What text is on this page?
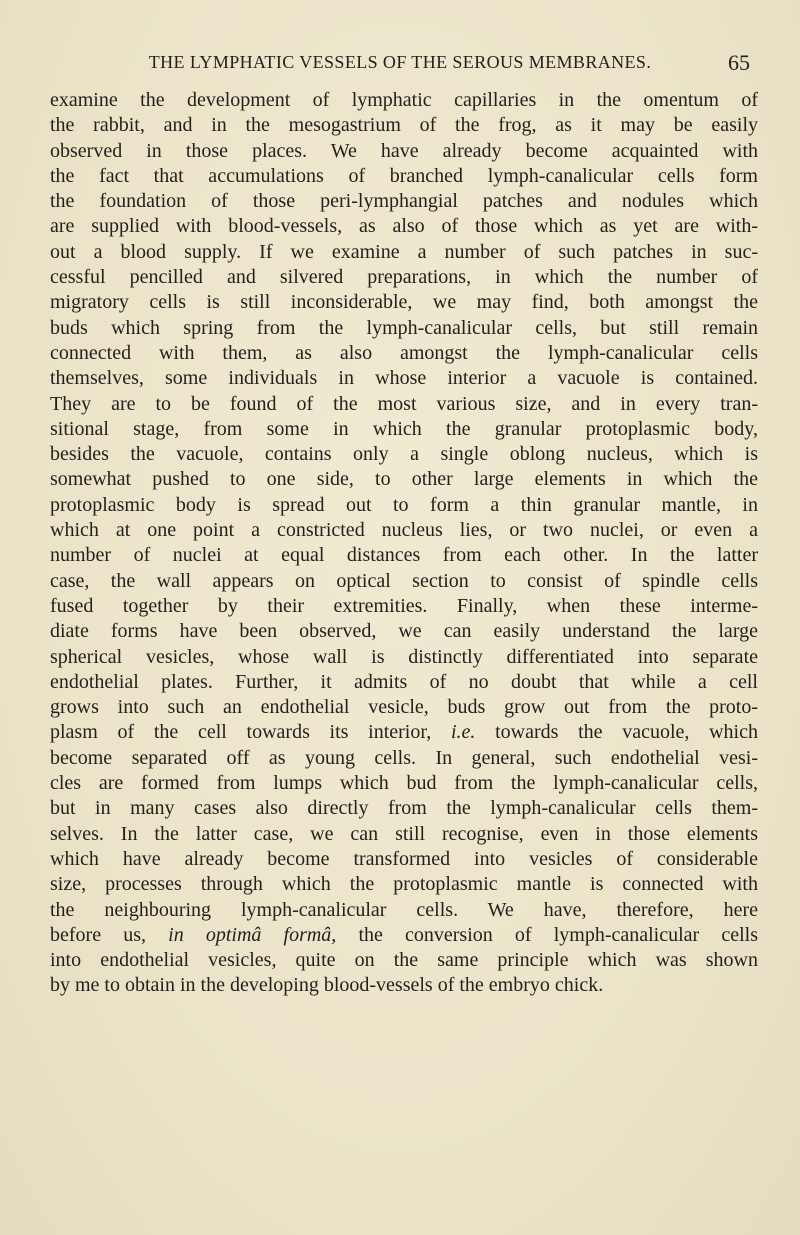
THE LYMPHATIC VESSELS OF THE SEROUS MEMBRANES.	65
examine the development of lymphatic capillaries in the omentum of
the rabbit, and in the mesogastrium of the frog, as it may be easily
observed in those places. We have already become acquainted with
the fact that accumulations of branched lymph-canalicular cells form
the foundation of those peri-lymphangial patches and nodules which
are supplied with blood-vessels, as also of those which as yet are with-
out a blood supply. If we examine a number of such patches in suc-
cessful pencilled and silvered preparations, in which the number of
migratory cells is still inconsiderable, we may find, both amongst the
buds which spring from the lymph-canalicular cells, but still remain
connected with them, as also amongst the lymph-canalicular cells
themselves, some individuals in whose interior a vacuole is contained.
They are to be found of the most various size, and in every tran-
sitional stage, from some in which the granular protoplasmic body,
besides the vacuole, contains only a single oblong nucleus, which is
somewhat pushed to one side, to other large elements in which the
protoplasmic body is spread out to form a thin granular mantle, in
which at one point a constricted nucleus lies, or two nuclei, or even a
number of nuclei at equal distances from each other. In the latter
case, the wall appears on optical section to consist of spindle cells
fused together by their extremities. Finally, when these interme-
diate forms have been observed, we can easily understand the large
spherical vesicles, whose wall is distinctly differentiated into separate
endothelial plates. Further, it admits of no doubt that while a cell
grows into such an endothelial vesicle, buds grow out from the proto-
plasm of the cell towards its interior, i.e. towards the vacuole, which
become separated off as young cells. In general, such endothelial vesi-
cles are formed from lumps which bud from the lymph-canalicular cells,
but in many cases also directly from the lymph-canalicular cells them-
selves. In the latter case, we can still recognise, even in those elements
which have already become transformed into vesicles of considerable
size, processes through which the protoplasmic mantle is connected with
the neighbouring lymph-canalicular cells. We have, therefore, here
before us, in optimâ formâ, the conversion of lymph-canalicular cells
into endothelial vesicles, quite on the same principle which was shown
by me to obtain in the developing blood-vessels of the embryo chick.
